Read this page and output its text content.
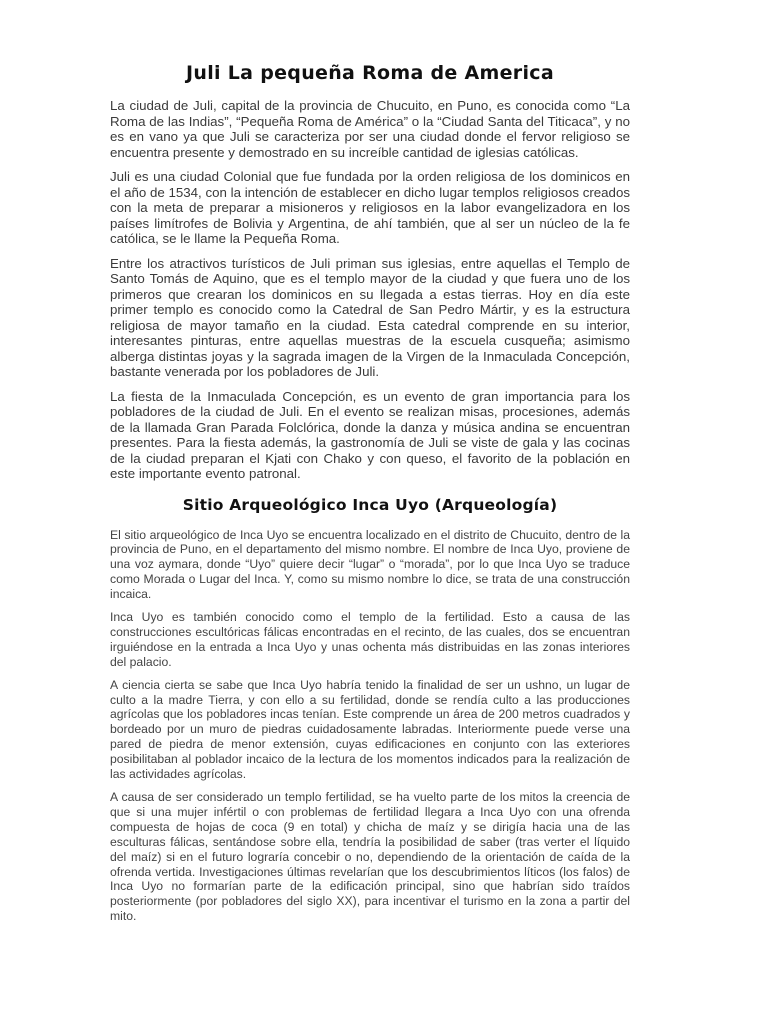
Juli La pequeña Roma de America

La ciudad de Juli, capital de la provincia de Chucuito, en Puno, es conocida como “La Roma de las Indias”, “Pequeña Roma de América” o la “Ciudad Santa del Titicaca”, y no es en vano ya que Juli se caracteriza por ser una ciudad donde el fervor religioso se encuentra presente y demostrado en su increíble cantidad de iglesias católicas.

Juli es una ciudad Colonial que fue fundada por la orden religiosa de los dominicos en el año de 1534, con la intención de establecer en dicho lugar templos religiosos creados con la meta de preparar a misioneros y religiosos en la labor evangelizadora en los países limítrofes de Bolivia y Argentina, de ahí también, que al ser un núcleo de la fe católica, se le llame la Pequeña Roma.

Entre los atractivos turísticos de Juli priman sus iglesias, entre aquellas el Templo de Santo Tomás de Aquino, que es el templo mayor de la ciudad y que fuera uno de los primeros que crearan los dominicos en su llegada a estas tierras. Hoy en día este primer templo es conocido como la Catedral de San Pedro Mártir, y es la estructura religiosa de mayor tamaño en la ciudad. Esta catedral comprende en su interior, interesantes pinturas, entre aquellas muestras de la escuela cusqueña; asimismo alberga distintas joyas y la sagrada imagen de la Virgen de la Inmaculada Concepción, bastante venerada por los pobladores de Juli.

La fiesta de la Inmaculada Concepción, es un evento de gran importancia para los pobladores de la ciudad de Juli. En el evento se realizan misas, procesiones, además de la llamada Gran Parada Folclórica, donde la danza y música andina se encuentran presentes. Para la fiesta además, la gastronomía de Juli se viste de gala y las cocinas de la ciudad preparan el Kjati con Chako y con queso, el favorito de la población en este importante evento patronal.

Sitio Arqueológico Inca Uyo (Arqueología)

El sitio arqueológico de Inca Uyo se encuentra localizado en el distrito de Chucuito, dentro de la provincia de Puno, en el departamento del mismo nombre. El nombre de Inca Uyo, proviene de una voz aymara, donde “Uyo” quiere decir “lugar” o “morada”, por lo que Inca Uyo se traduce como Morada o Lugar del Inca. Y, como su mismo nombre lo dice, se trata de una construcción incaica.

Inca Uyo es también conocido como el templo de la fertilidad. Esto a causa de las construcciones escultóricas fálicas encontradas en el recinto, de las cuales, dos se encuentran irguiéndose en la entrada a Inca Uyo y unas ochenta más distribuidas en las zonas interiores del palacio.

A ciencia cierta se sabe que Inca Uyo habría tenido la finalidad de ser un ushno, un lugar de culto a la madre Tierra, y con ello a su fertilidad, donde se rendía culto a las producciones agrícolas que los pobladores incas tenían. Este comprende un área de 200 metros cuadrados y bordeado por un muro de piedras cuidadosamente labradas. Interiormente puede verse una pared de piedra de menor extensión, cuyas edificaciones en conjunto con las exteriores posibilitaban al poblador incaico de la lectura de los momentos indicados para la realización de las actividades agrícolas.

A causa de ser considerado un templo fertilidad, se ha vuelto parte de los mitos la creencia de que si una mujer infértil o con problemas de fertilidad llegara a Inca Uyo con una ofrenda compuesta de hojas de coca (9 en total) y chicha de maíz y se dirigía hacia una de las esculturas fálicas, sentándose sobre ella, tendría la posibilidad de saber (tras verter el líquido del maíz) si en el futuro lograría concebir o no, dependiendo de la orientación de caída de la ofrenda vertida. Investigaciones últimas revelarían que los descubrimientos líticos (los falos) de Inca Uyo no formarían parte de la edificación principal, sino que habrían sido traídos posteriormente (por pobladores del siglo XX), para incentivar el turismo en la zona a partir del mito.
